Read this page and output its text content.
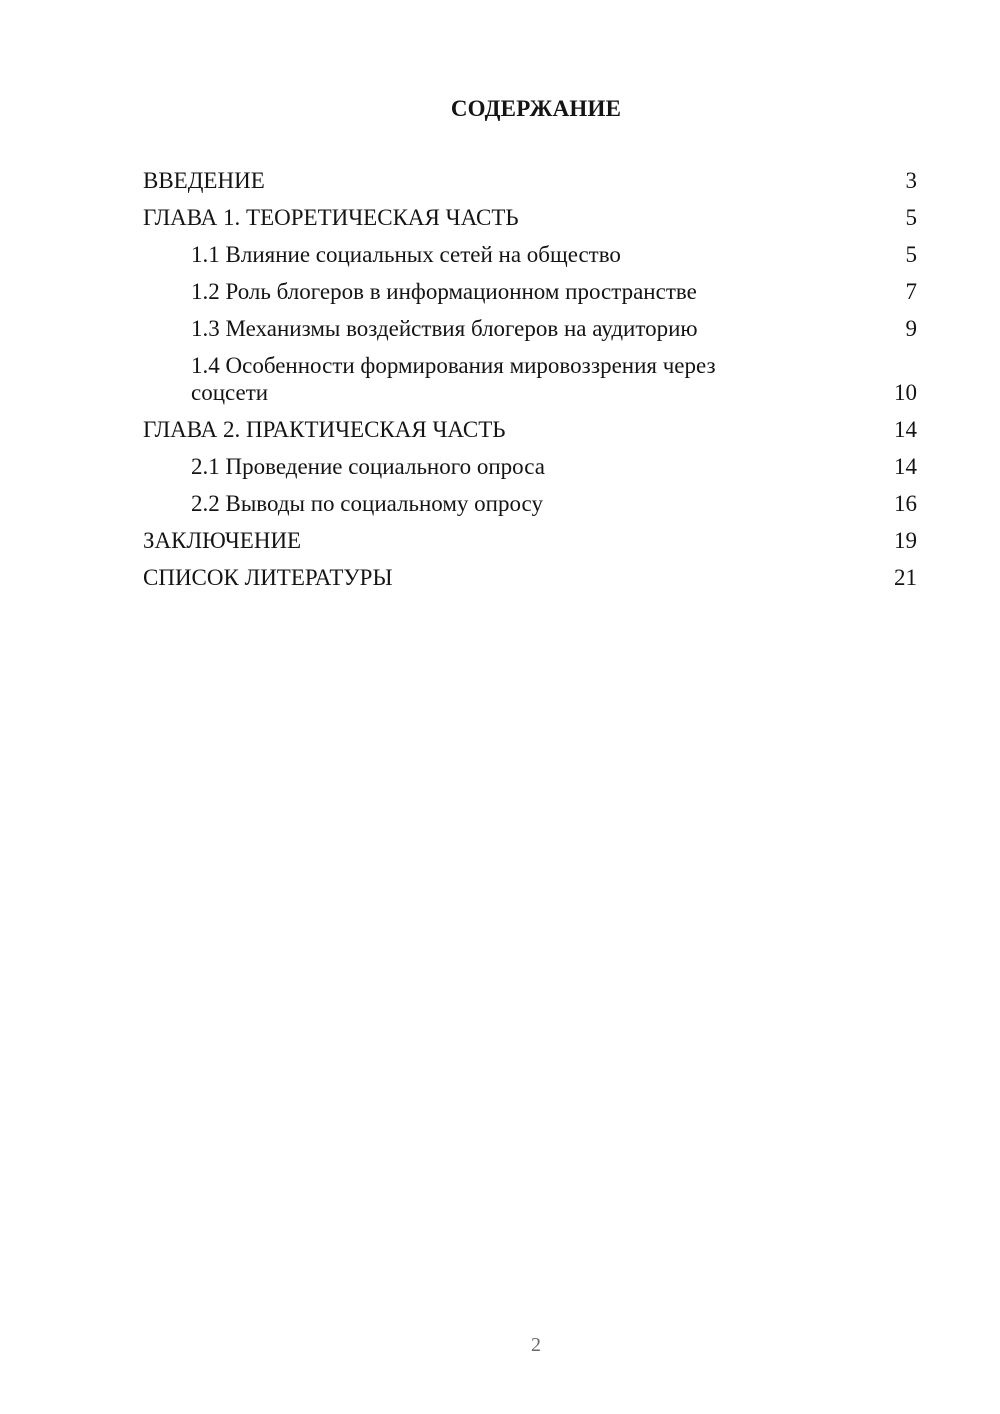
СОДЕРЖАНИЕ
ВВЕДЕНИЕ	3
ГЛАВА 1. ТЕОРЕТИЧЕСКАЯ ЧАСТЬ	5
1.1 Влияние социальных сетей на общество	5
1.2 Роль блогеров в информационном пространстве	7
1.3 Механизмы воздействия блогеров на аудиторию	9
1.4 Особенности формирования мировоззрения через соцсети	10
ГЛАВА 2. ПРАКТИЧЕСКАЯ ЧАСТЬ	14
2.1 Проведение социального опроса	14
2.2 Выводы по социальному опросу	16
ЗАКЛЮЧЕНИЕ	19
СПИСОК ЛИТЕРАТУРЫ	21
2
